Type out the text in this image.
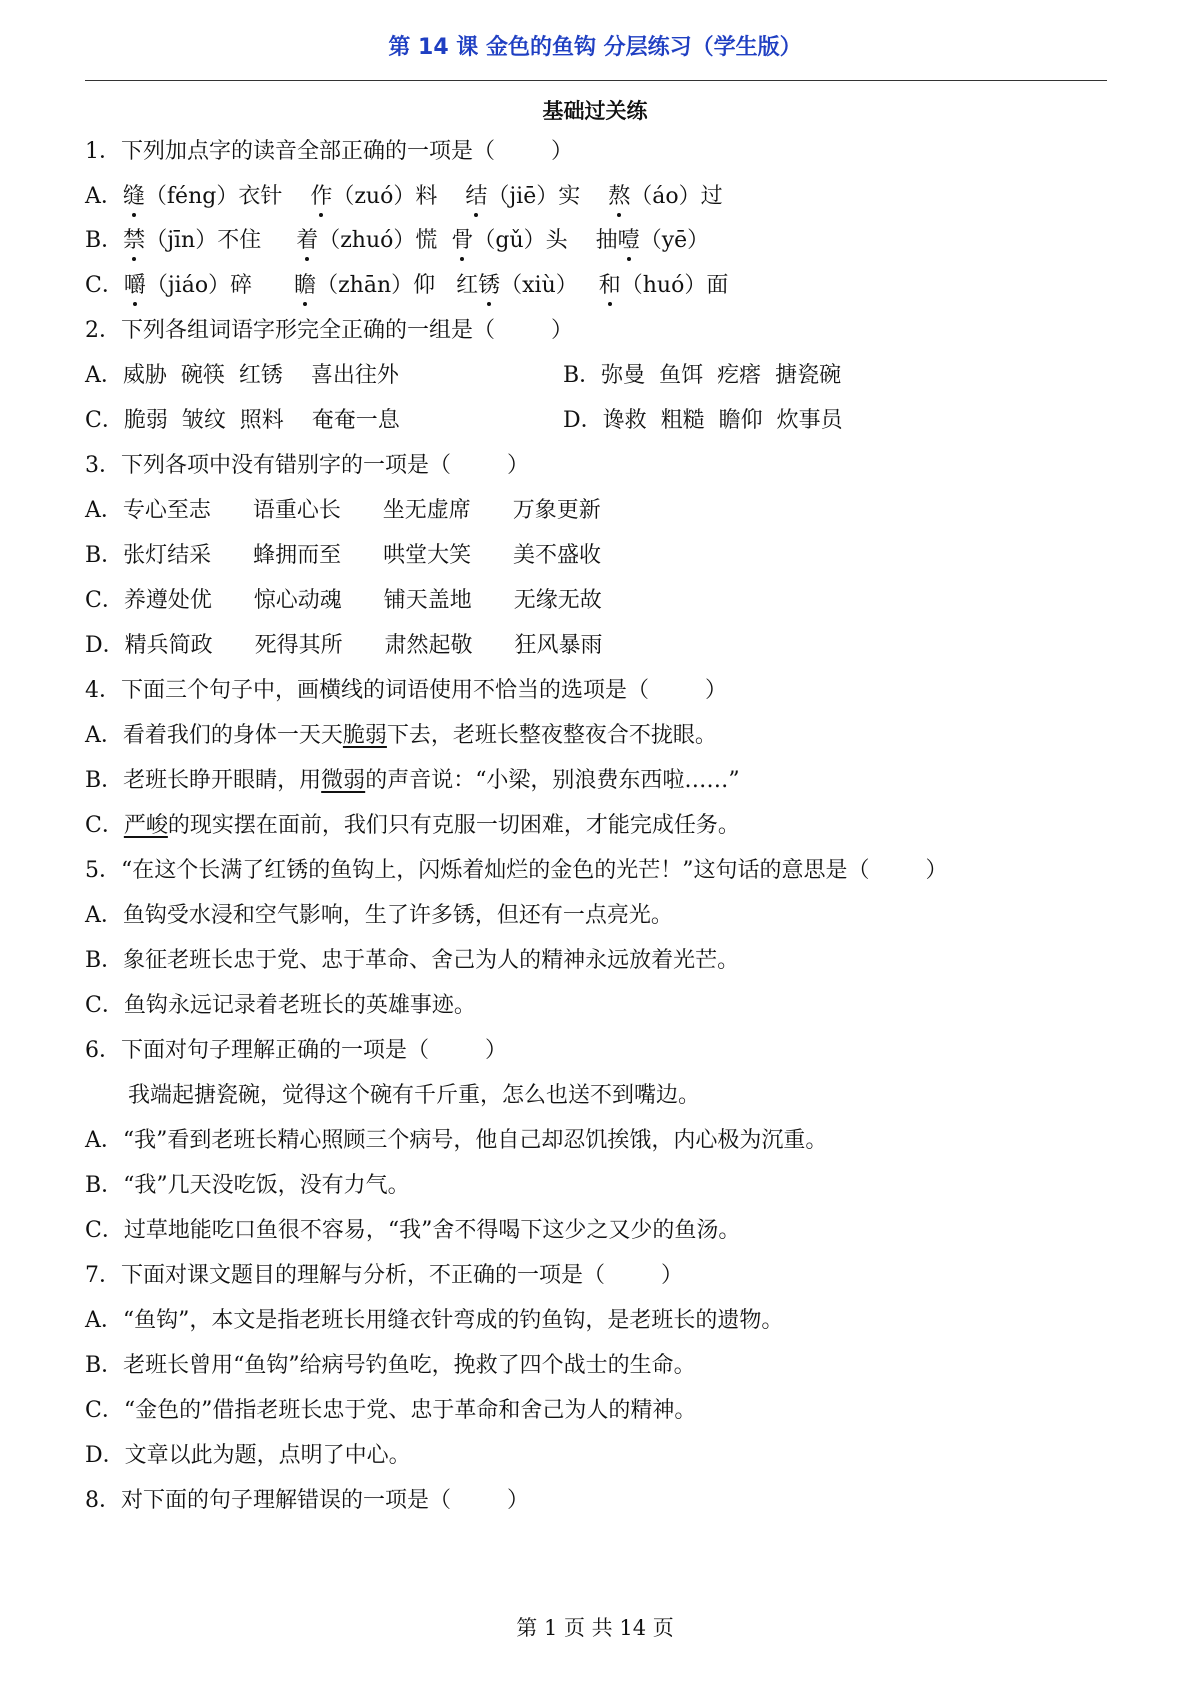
第 14 课 金色的鱼钩 分层练习（学生版）
基础过关练
1．下列加点字的读音全部正确的一项是（        ）
A．缝（féng）衣针 作（zuó）料 结（jiē）实 熬（áo）过
B．禁（jīn）不住 着（zhuó）慌 骨（gǔ）头 抽噎（yē）
C．嚼（jiáo）碎 瞻（zhān）仰 红锈（xiù） 和（huó）面
2．下列各组词语字形完全正确的一组是（        ）
A．威胁  碗筷  红锈    喜出往外	B．弥曼  鱼饵  疙瘩  搪瓷碗
C．脆弱  皱纹  照料    奄奄一息	D．谗救  粗糙  瞻仰  炊事员
3．下列各项中没有错别字的一项是（        ）
A．专心至志      语重心长      坐无虚席      万象更新
B．张灯结采      蜂拥而至      哄堂大笑      美不盛收
C．养遵处优      惊心动魂      铺天盖地      无缘无故
D．精兵简政      死得其所      肃然起敬      狂风暴雨
4．下面三个句子中，画横线的词语使用不恰当的选项是（        ）
A．看着我们的身体一天天脆弱下去，老班长整夜整夜合不拢眼。
B．老班长睁开眼睛，用微弱的声音说：“小梁，别浪费东西啦……”
C．严峻的现实摆在面前，我们只有克服一切困难，才能完成任务。
5．“在这个长满了红锈的鱼钩上，闪烁着灿烂的金色的光芒！”这句话的意思是（        ）
A．鱼钩受水浸和空气影响，生了许多锈，但还有一点亮光。
B．象征老班长忠于党、忠于革命、舍己为人的精神永远放着光芒。
C．鱼钩永远记录着老班长的英雄事迹。
6．下面对句子理解正确的一项是（        ）
我端起搪瓷碗，觉得这个碗有千斤重，怎么也送不到嘴边。
A．“我”看到老班长精心照顾三个病号，他自己却忍饥挨饿，内心极为沉重。
B．“我”几天没吃饭，没有力气。
C．过草地能吃口鱼很不容易，“我”舍不得喝下这少之又少的鱼汤。
7．下面对课文题目的理解与分析，不正确的一项是（        ）
A．“鱼钩”，本文是指老班长用缝衣针弯成的钓鱼钩，是老班长的遗物。
B．老班长曾用“鱼钩”给病号钓鱼吃，挽救了四个战士的生命。
C．“金色的”借指老班长忠于党、忠于革命和舍己为人的精神。
D．文章以此为题，点明了中心。
8．对下面的句子理解错误的一项是（        ）
第 1 页 共 14 页
